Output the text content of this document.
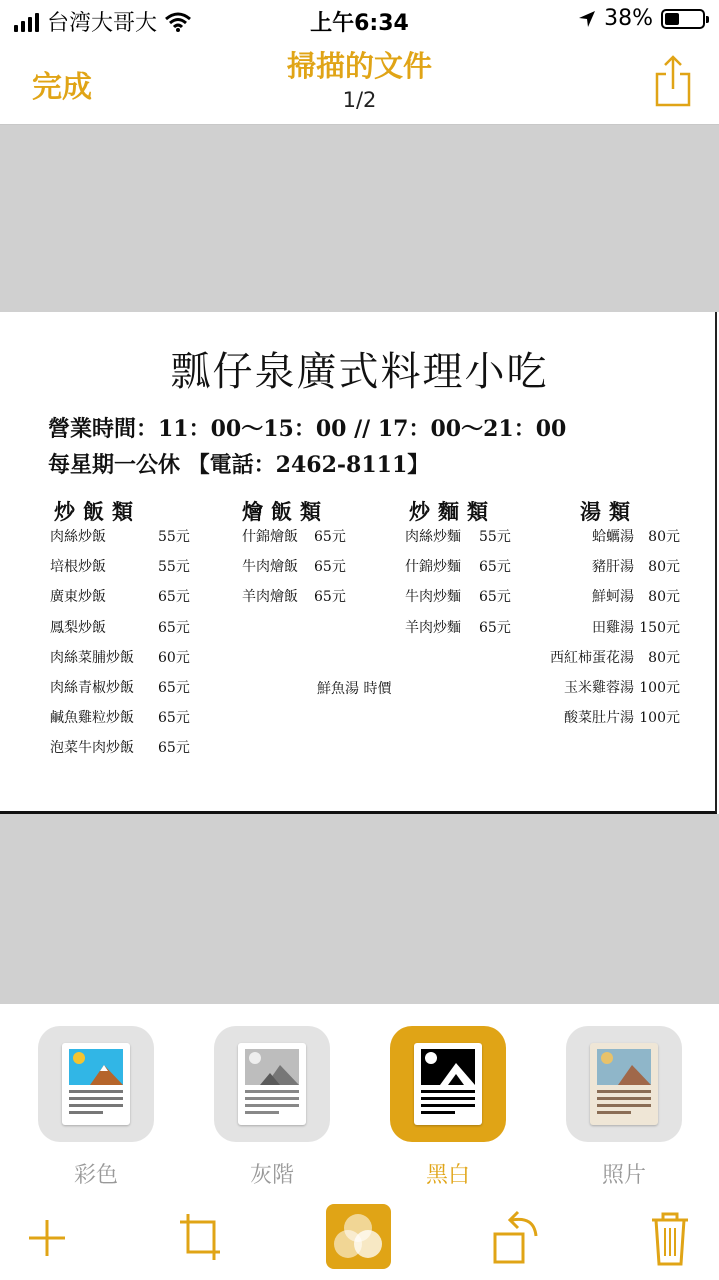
台湾大哥大	上午6:34	38%
完成
掃描的文件
1/2
瓢仔泉廣式料理小吃
營業時間：11：00～15：00 // 17：00～21：00
每星期一公休 【電話：2462-8111】
炒飯類
肉絲炒飯	55元
培根炒飯	55元
廣東炒飯	65元
鳳梨炒飯	65元
肉絲菜脯炒飯 60元
肉絲青椒炒飯 65元
鹹魚雞粒炒飯 65元
泡菜牛肉炒飯 65元
燴飯類
什錦燴飯 65元
牛肉燴飯 65元
羊肉燴飯 65元
炒麵類
肉絲炒麵 55元
什錦炒麵 65元
牛肉炒麵 65元
羊肉炒麵 65元
湯類
蛤蠣湯 80元
豬肝湯 80元
鮮蚵湯 80元
田雞湯 150元
西紅柿蛋花湯 80元
玉米雞蓉湯 100元
酸菜肚片湯 100元
鮮魚湯 時價
彩色	灰階	黑白	照片
